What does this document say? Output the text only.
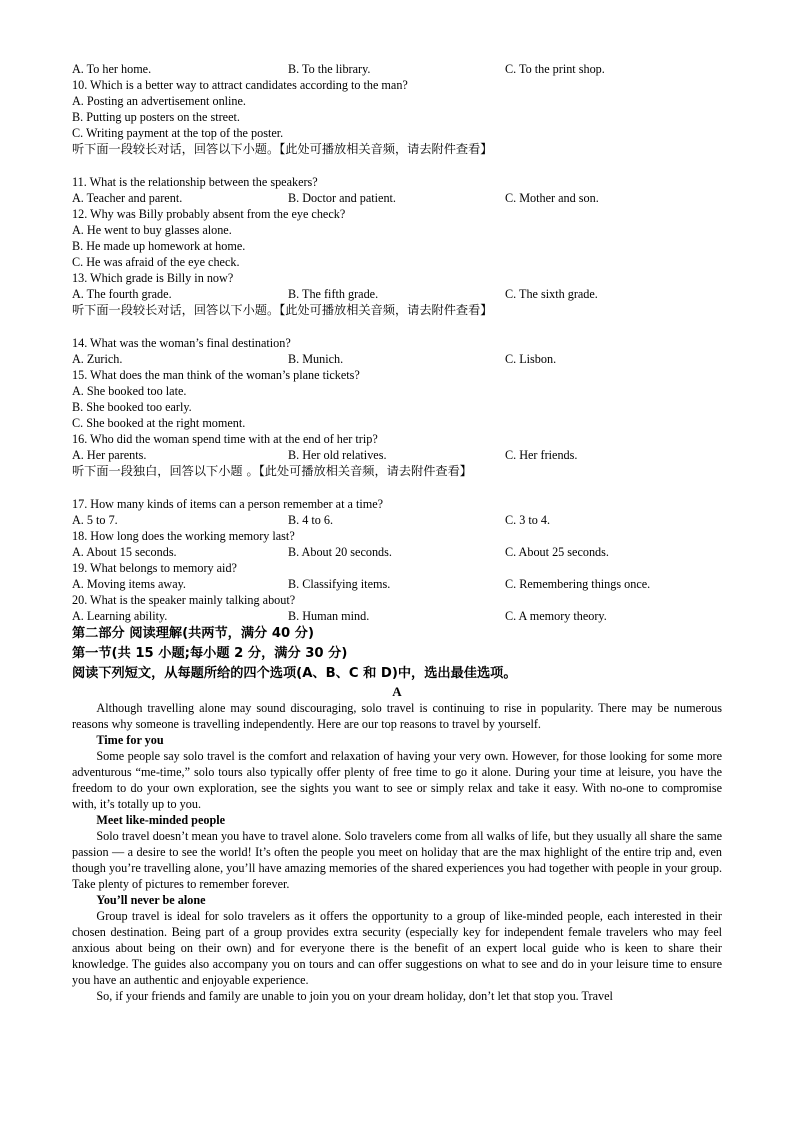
A. To her home.	B. To the library.	C. To the print shop.
10. Which is a better way to attract candidates according to the man?
A. Posting an advertisement online.
B. Putting up posters on the street.
C. Writing payment at the top of the poster.
听下面一段较长对话，回答以下小题。【此处可播放相关音频，请去附件查看】
11. What is the relationship between the speakers?
A. Teacher and parent.	B. Doctor and patient.	C. Mother and son.
12. Why was Billy probably absent from the eye check?
A. He went to buy glasses alone.
B. He made up homework at home.
C. He was afraid of the eye check.
13. Which grade is Billy in now?
A. The fourth grade.	B. The fifth grade.	C. The sixth grade.
听下面一段较长对话，回答以下小题。【此处可播放相关音频，请去附件查看】
14. What was the woman’s final destination?
A. Zurich.	B. Munich.	C. Lisbon.
15. What does the man think of the woman’s plane tickets?
A. She booked too late.
B. She booked too early.
C. She booked at the right moment.
16. Who did the woman spend time with at the end of her trip?
A. Her parents.	B. Her old relatives.	C. Her friends.
听下面一段独白，回答以下小题 。【此处可播放相关音频，请去附件查看】
17. How many kinds of items can a person remember at a time?
A. 5 to 7.	B. 4 to 6.	C. 3 to 4.
18. How long does the working memory last?
A. About 15 seconds.	B. About 20 seconds.	C. About 25 seconds.
19. What belongs to memory aid?
A. Moving items away.	B. Classifying items.	C. Remembering things once.
20. What is the speaker mainly talking about?
A. Learning ability.	B. Human mind.	C. A memory theory.
第二部分 阅读理解(共两节，满分 40 分)
第一节(共 15 小题;每小题 2 分，满分 30 分)
阅读下列短文，从每题所给的四个选项(A、B、C 和 D)中，选出最佳选项。
A

Although travelling alone may sound discouraging, solo travel is continuing to rise in popularity. There may be numerous reasons why someone is travelling independently. Here are our top reasons to travel by yourself.

Time for you

Some people say solo travel is the comfort and relaxation of having your very own. However, for those looking for some more adventurous “me-time,” solo tours also typically offer plenty of free time to go it alone. During your time at leisure, you have the freedom to do your own exploration, see the sights you want to see or simply relax and take it easy. With no-one to compromise with, it’s totally up to you.

Meet like-minded people

Solo travel doesn’t mean you have to travel alone. Solo travelers come from all walks of life, but they usually all share the same passion — a desire to see the world! It’s often the people you meet on holiday that are the max highlight of the entire trip and, even though you’re travelling alone, you’ll have amazing memories of the shared experiences you had together with people in your group. Take plenty of pictures to remember forever.

You’ll never be alone

Group travel is ideal for solo travelers as it offers the opportunity to a group of like-minded people, each interested in their chosen destination. Being part of a group provides extra security (especially key for independent female travelers who may feel anxious about being on their own) and for everyone there is the benefit of an expert local guide who is keen to share their knowledge. The guides also accompany you on tours and can offer suggestions on what to see and do in your leisure time to ensure you have an authentic and enjoyable experience.

So, if your friends and family are unable to join you on your dream holiday, don’t let that stop you. Travel
